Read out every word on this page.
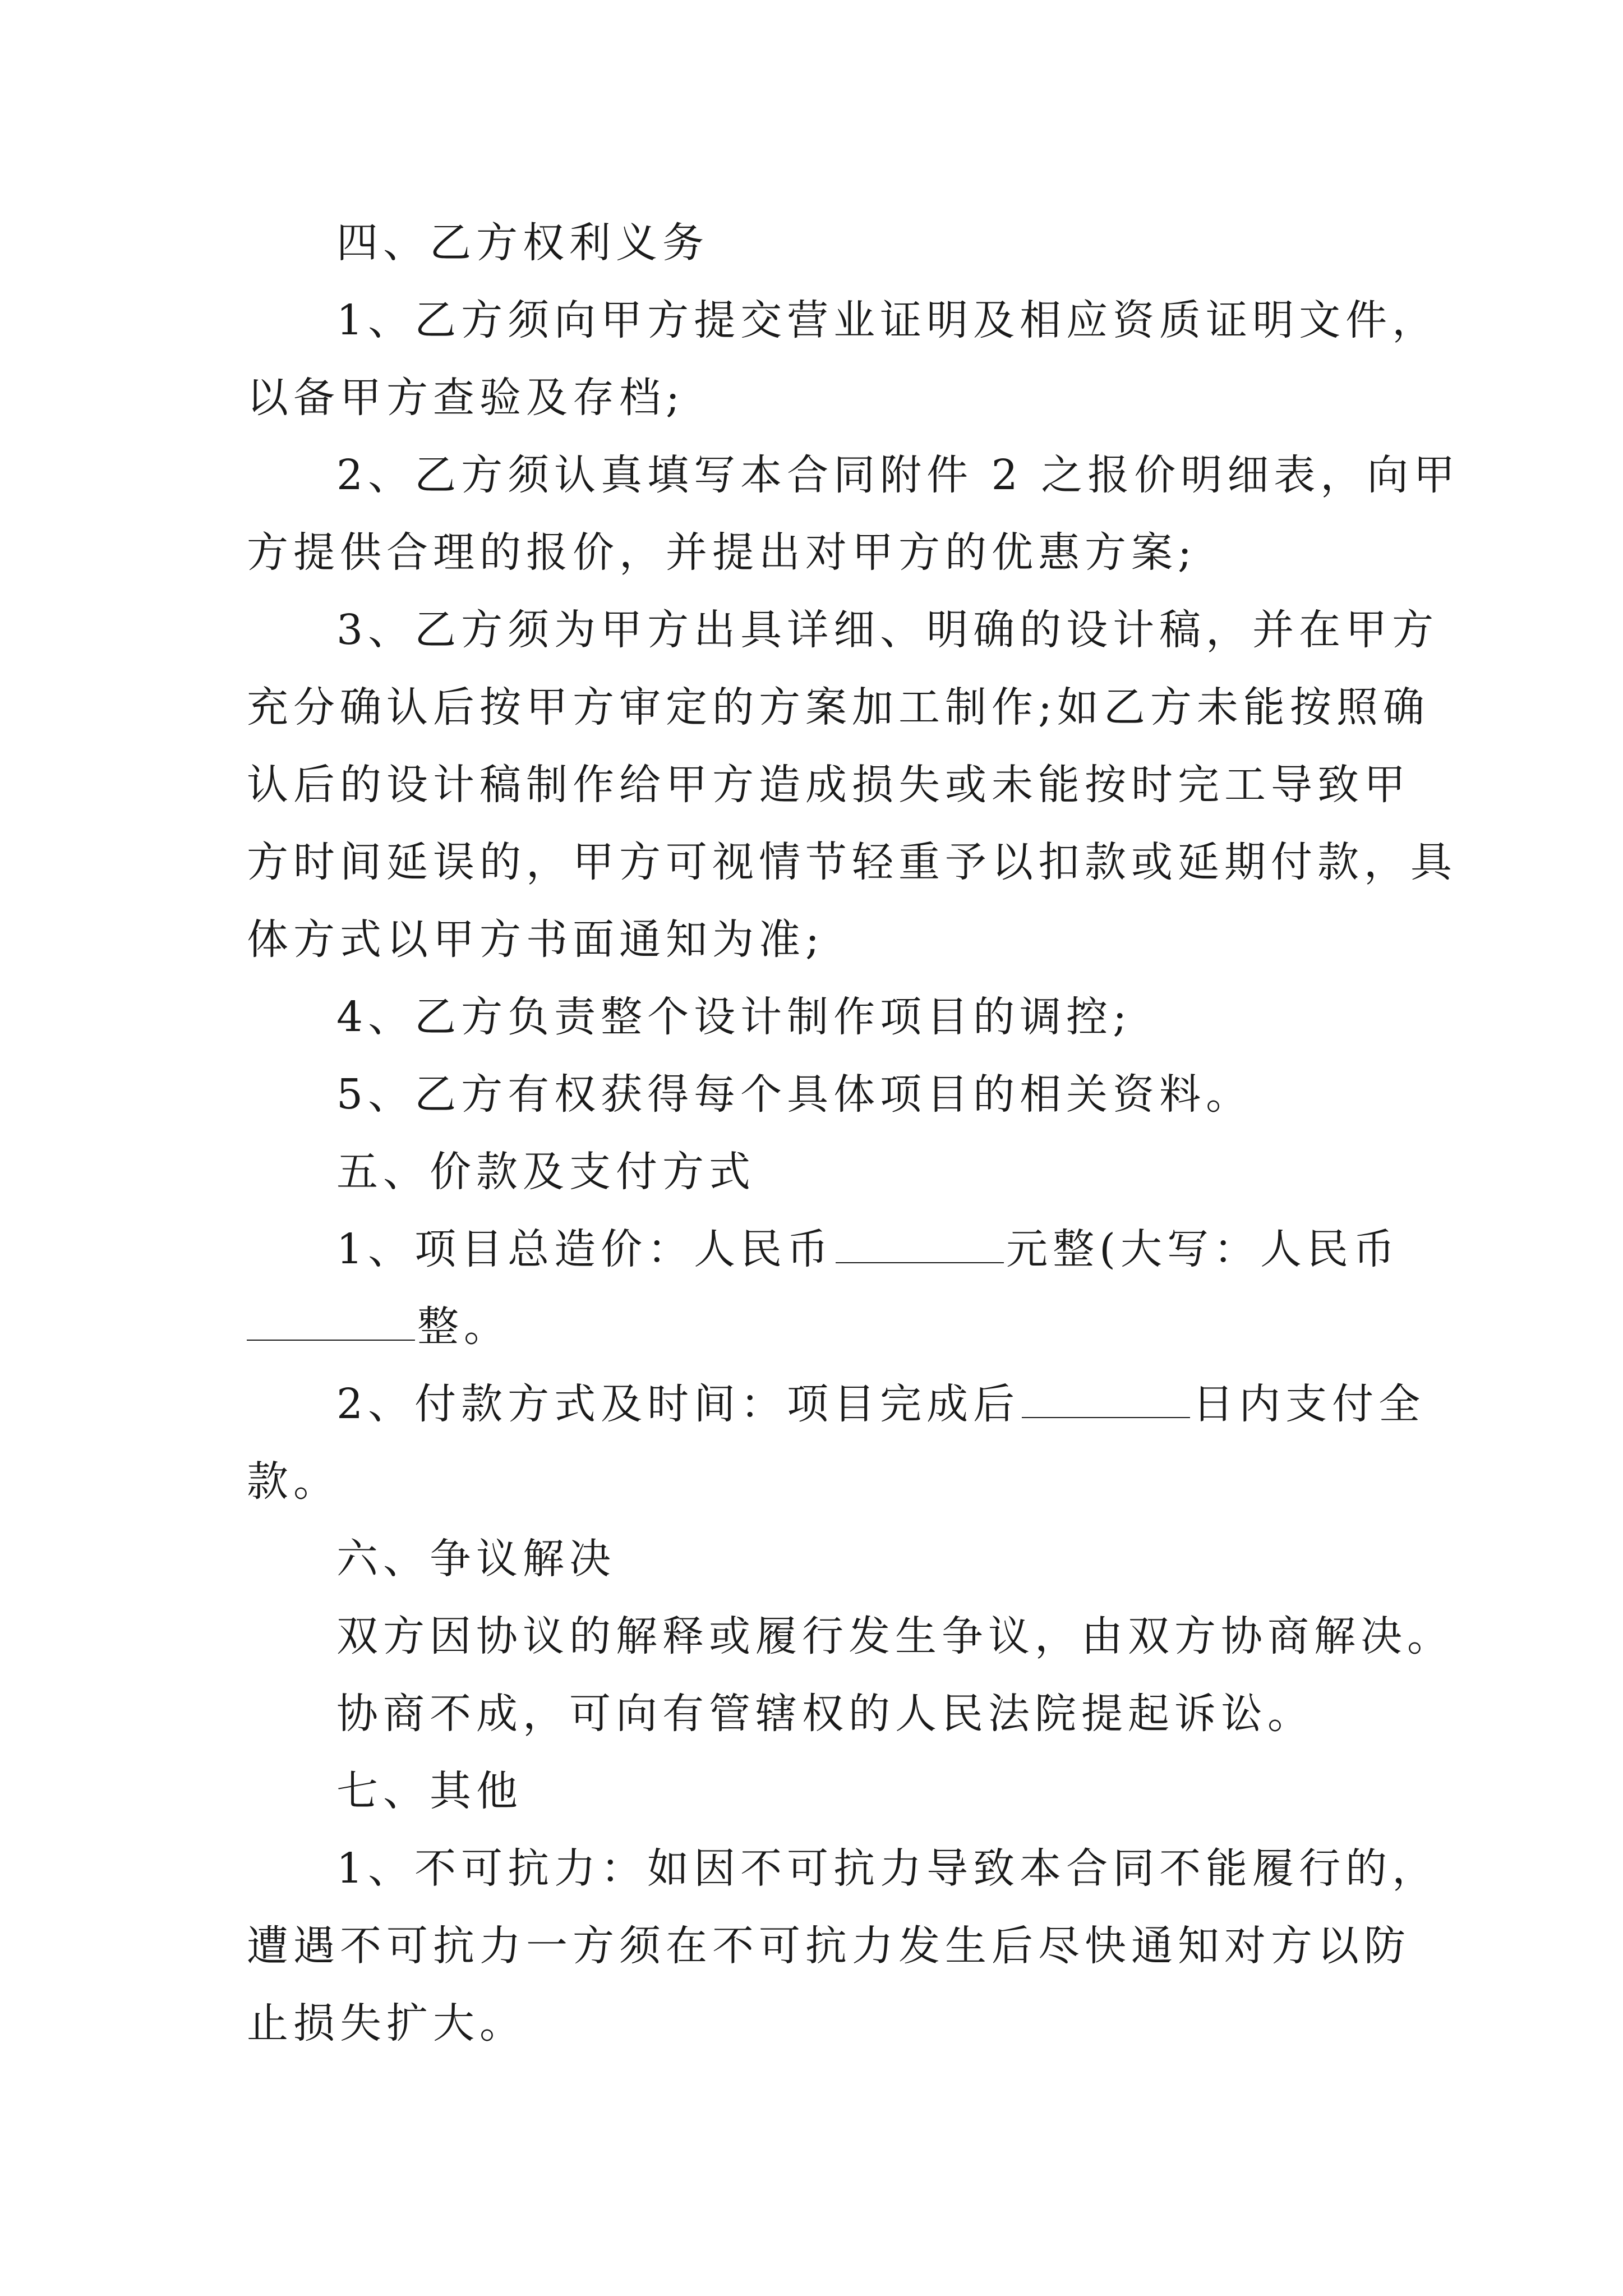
四、乙方权利义务
1、乙方须向甲方提交营业证明及相应资质证明文件，
以备甲方查验及存档;
2、乙方须认真填写本合同附件 2 之报价明细表，向甲
方提供合理的报价，并提出对甲方的优惠方案;
3、乙方须为甲方出具详细、明确的设计稿，并在甲方
充分确认后按甲方审定的方案加工制作;如乙方未能按照确
认后的设计稿制作给甲方造成损失或未能按时完工导致甲
方时间延误的，甲方可视情节轻重予以扣款或延期付款，具
体方式以甲方书面通知为准;
4、乙方负责整个设计制作项目的调控;
5、乙方有权获得每个具体项目的相关资料。
五、价款及支付方式
1、项目总造价：人民币	元整(大写：人民币
整。
2、付款方式及时间：项目完成后	日内支付全
款。
六、争议解决
双方因协议的解释或履行发生争议，由双方协商解决。
协商不成，可向有管辖权的人民法院提起诉讼。
七、其他
1、不可抗力：如因不可抗力导致本合同不能履行的，
遭遇不可抗力一方须在不可抗力发生后尽快通知对方以防
止损失扩大。
